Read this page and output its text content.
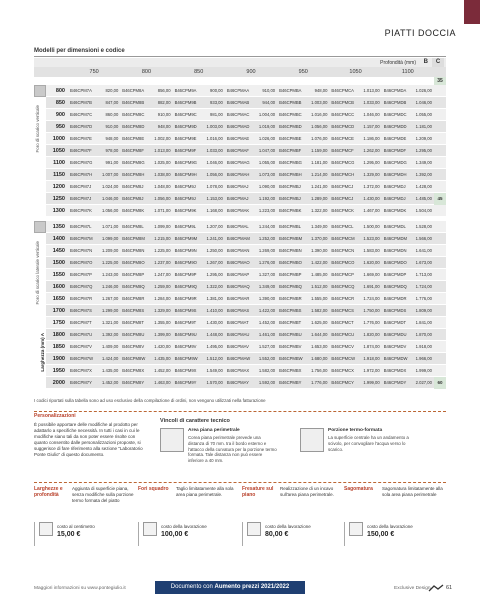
PIATTI DOCCIA
Modelli per dimensioni e codice
Profondità (mm) B	C
750	800	850	900	950	1050	1100
35
Foro di scarico verticale
800	B46CPM7A	820,00 B46CPM8A	856,00 B46CPM9A	900,00 B46CPMAA	910,00 B46CPMBA	948,00 B46CPMCA 1.013,00 B46CPMDA 1.026,00
850	B46CPM7B	847,00 B46CPM8B	882,00 B46CPM9B	933,00 B46CPMAB	944,00 B46CPMBB 1.003,00 B46CPMCB 1.033,00 B46CPMDB 1.046,00
900	B46CPM7C	860,00 B46CPM8C	910,00 B46CPM9C	981,00 B46CPMAC 1.004,00 B46CPMBC 1.016,00 B46CPMCC 1.046,00 B46CPMDC 1.055,00
950	B46CPM7D	910,00 B46CPM8D	948,00 B46CPM9D 1.003,00 B46CPMAD 1.019,00 B46CPMBD 1.056,00 B46CPMCD 1.157,00 B46CPMDD 1.181,00
1000	B46CPM7E	948,00 B46CPM8E 1.002,00 B46CPM9E 1.016,00 B46CPMAE 1.026,00 B46CPMBE 1.076,00 B46CPMCE 1.186,00 B46CPMDE 1.209,00
1050	B46CPM7F	978,00 B46CPM8F 1.013,00 B46CPM9F 1.033,00 B46CPMAF 1.047,00 B46CPMBF 1.159,00 B46CPMCF 1.262,00 B46CPMDF 1.295,00
1100	B46CPM7G	991,00 B46CPM8G 1.025,00 B46CPM9G 1.046,00 B46CPMAG 1.055,00 B46CPMBG 1.181,00 B46CPMCG 1.295,00 B46CPMDG 1.349,00
1150	B46CPM7H 1.007,00 B46CPM8H 1.038,00 B46CPM9H 1.056,00 B46CPMAH 1.073,00 B46CPMBH 1.214,00 B46CPMCH 1.329,00 B46CPMDH 1.392,00
1200	B46CPM7J	1.024,00 B46CPM8J	1.048,00 B46CPM9J	1.078,00 B46CPMAJ 1.090,00 B46CPMBJ 1.241,00 B46CPMCJ 1.372,00 B46CPMDJ 1.428,00
1250	B46CPM7J	1.046,00 B46CPM8J	1.056,00 B46CPM9J	1.153,00 B46CPMAJ 1.192,00 B46CPMBJ 1.289,00 B46CPMCJ 1.430,00 B46CPMDJ 1.485,00	45
1300	B46CPM7K 1.056,00 B46CPM8K 1.071,00 B46CPM9K 1.168,00 B46CPMAK 1.223,00 B46CPMBK 1.322,00 B46CPMCK 1.467,00 B46CPMDK 1.504,00
Foro di scarico laterale verticale
Larghezza (mm) A
1350	B46CPM7L	1.071,00 B46CPM8L	1.099,00 B46CPM9L	1.207,00 B46CPMAL 1.244,00 B46CPMBL 1.349,00 B46CPMCL 1.500,00 B46CPMDL 1.528,00
1400	B46CPM7M 1.099,00 B46CPM8M 1.215,00 B46CPM9M 1.241,00 B46CPMAM 1.252,00 B46CPMBM 1.370,00 B46CPMCM 1.523,00 B46CPMDM 1.566,00
1450	B46CPM7N 1.209,00 B46CPM8N 1.225,00 B46CPM9N 1.250,00 B46CPMAN 1.269,00 B46CPMBN 1.390,00 B46CPMCN 1.583,00 B46CPMDN 1.641,00
1500	B46CPM7O 1.225,00 B46CPM8O 1.237,00 B46CPM9O 1.267,00 B46CPMAO 1.276,00 B46CPMBO 1.422,00 B46CPMCO 1.620,00 B46CPMDO 1.673,00
1550	B46CPM7P 1.243,00 B46CPM8P 1.247,00 B46CPM9P 1.295,00 B46CPMAP 1.327,00 B46CPMBP 1.485,00 B46CPMCP 1.669,00 B46CPMDP 1.713,00
1600	B46CPM7Q 1.246,00 B46CPM8Q 1.259,00 B46CPM9Q 1.322,00 B46CPMAQ 1.349,00 B46CPMBQ 1.512,00 B46CPMCQ 1.691,00 B46CPMDQ 1.724,00
1650	B46CPM7R 1.267,00 B46CPM8R 1.284,00 B46CPM9R 1.381,00 B46CPMAR 1.390,00 B46CPMBR 1.555,00 B46CPMCR 1.724,00 B46CPMDR 1.776,00
1700	B46CPM7S 1.299,00 B46CPM8S 1.329,00 B46CPM9S 1.410,00 B46CPMAS 1.422,00 B46CPMBS 1.582,00 B46CPMCS 1.750,00 B46CPMDS 1.809,00
1750	B46CPM7T 1.321,00 B46CPM8T 1.355,00 B46CPM9T 1.430,00 B46CPMAT 1.452,00 B46CPMBT 1.625,00 B46CPMCT 1.776,00 B46CPMDT 1.841,00
1800	B46CPM7U 1.392,00 B46CPM8U 1.399,00 B46CPM9U 1.448,00 B46CPMAU 1.461,00 B46CPMBU 1.644,00 B46CPMCU 1.820,00 B46CPMDU 1.870,00
1850	B46CPM7V 1.409,00 B46CPM8V 1.420,00 B46CPM9V 1.495,00 B46CPMAV 1.527,00 B46CPMBV 1.653,00 B46CPMCV 1.874,00 B46CPMDV 1.918,00
1900	B46CPM7W 1.424,00 B46CPM8W 1.435,00 B46CPM9W 1.512,00 B46CPMAW 1.552,00 B46CPMBW 1.680,00 B46CPMCW 1.918,00 B46CPMDW 1.966,00
1950	B46CPM7X 1.435,00 B46CPM8X 1.452,00 B46CPM9X 1.549,00 B46CPMAX 1.582,00 B46CPMBX 1.756,00 B46CPMCX 1.972,00 B46CPMDX 1.999,00
2000	B46CPM7Y 1.452,00 B46CPM8Y 1.463,00 B46CPM9Y 1.570,00 B46CPMAY 1.592,00 B46CPMBY 1.776,00 B46CPMCY 1.999,00 B46CPMDY 2.027,00	60
I codici riportati sulla tabella sono ad uso esclusivo della compilazione di ordini, non vengono utilizzati nella fatturazione
Personalizzazioni
È possibile apportare delle modifiche al prodotto per adattarlo a specifiche necessità. In tutti i casi in cui le modifiche siano tali da non poter essere risolte con quanto consentito dalle personalizzazioni proposte, si suggerisce di fare riferimento alla sezione "Laboratorio Ponte Giulio" di questo documento.
Vincoli di carattere tecnico
Area piana perimetrale
Corea piana perimetrale prevede una distanza di 70 mm. tra il bordo esterno e l'attacco della curvatura per la porzione termo formata. Tale distanza non può essere inferiore a 40 mm.
Porzione termo-formata
La superficie centrale ha un andamento a scivolo, per convogliare l'acqua verso lo scarico.
Larghezze e profondità
Aggiunta di superficie piana, senza modifiche sulla porzione termo formata del piatto
Fori squadro	Taglio limitatamente alla sola area piana perimetrale.
Fresature sul piano
Realizzazione di un incavo sull'area piana perimetrale.
Sagomatura	Sagomatura limitatamente alla sola area piana perimetrale
costo al centimetro
15,00 €
costo della lavorazione
100,00 €
costo della lavorazione
80,00 €
costo della lavorazione
150,00 €
Maggiori informazioni su www.pontegiulio.it	Documento con Aumento prezzi 2021/2022	Exclusive Design	61
